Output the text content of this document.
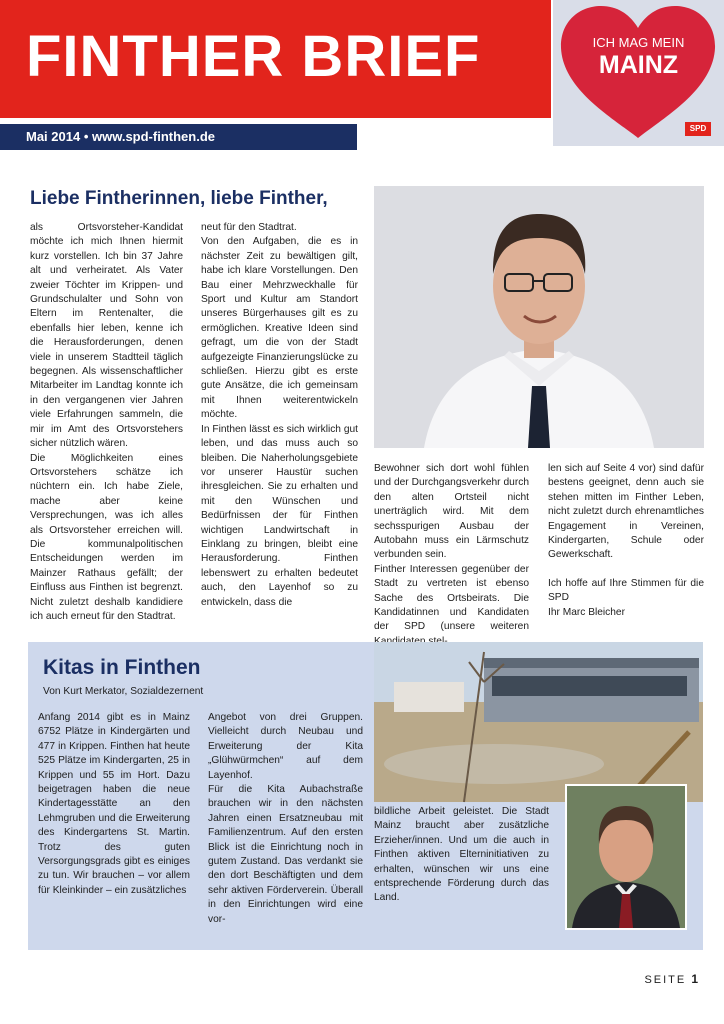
FINTHER BRIEF
Mai 2014 • www.spd-finthen.de
ICH MAG MEIN
MAINZ
SPD
Liebe Fintherinnen, liebe Finther,

als Ortsvorsteher-Kandidat möchte ich mich Ihnen hiermit kurz vorstellen. Ich bin 37 Jahre alt und verheiratet. Als Vater zweier Töchter im Krippen- und Grundschulalter und Sohn von Eltern im Rentenalter, die ebenfalls hier leben, kenne ich die Herausforderungen, denen viele in unserem Stadtteil täglich begegnen. Als wissenschaftlicher Mitarbeiter im Landtag konnte ich in den vergangenen vier Jahren viele Erfahrungen sammeln, die mir im Amt des Ortsvorstehers sicher nützlich wären.

Die Möglichkeiten eines Ortsvorstehers schätze ich nüchtern ein. Ich habe Ziele, mache aber keine Versprechungen, was ich alles als Ortsvorsteher erreichen will. Die kommunalpolitischen Entscheidungen werden im Mainzer Rathaus gefällt; der Einfluss aus Finthen ist begrenzt. Nicht zuletzt deshalb kandidiere ich auch erneut für den Stadtrat.

neut für den Stadtrat.

Von den Aufgaben, die es in nächster Zeit zu bewältigen gilt, habe ich klare Vorstellungen. Den Bau einer Mehrzweckhalle für Sport und Kultur am Standort unseres Bürgerhauses gilt es zu ermöglichen. Kreative Ideen sind gefragt, um die von der Stadt aufgezeigte Finanzierungslücke zu schließen. Hierzu gibt es erste gute Ansätze, die ich gemeinsam mit Ihnen weiterentwickeln möchte.

In Finthen lässt es sich wirklich gut leben, und das muss auch so bleiben. Die Naherholungsgebiete vor unserer Haustür suchen ihresgleichen. Sie zu erhalten und mit den Wünschen und Bedürfnissen der für Finthen wichtigen Landwirtschaft in Einklang zu bringen, bleibt eine Herausforderung. Finthen lebenswert zu erhalten bedeutet auch, den Layenhof so zu entwickeln, dass die

Bewohner sich dort wohl fühlen und der Durchgangsverkehr durch den alten Ortsteil nicht unerträglich wird. Mit dem sechsspurigen Ausbau der Autobahn muss ein Lärmschutz verbunden sein.

Finther Interessen gegenüber der Stadt zu vertreten ist ebenso Sache des Ortsbeirats. Die Kandidatinnen und Kandidaten der SPD (unsere weiteren

len sich auf Seite 4 vor) sind dafür bestens geeignet, denn auch sie stehen mitten im Finther Leben, nicht zuletzt durch ehrenamtliches Engagement in Vereinen, Kindergarten, Schule oder Gewerkschaft.

Ich hoffe auf Ihre Stimmen für die SPD

Ihr Marc Bleicher

Kitas in Finthen
Von Kurt Merkator, Sozialdezernent

Anfang 2014 gibt es in Mainz 6752 Plätze in Kindergärten und 477 in Krippen. Finthen hat heute 525 Plätze im Kindergarten, 25 in Krippen und 55 im Hort. Dazu beigetragen haben die neue Kindertagesstätte an den Lehmgruben und die Erweiterung des Kindergartens St. Martin. Trotz des guten Versorgungsgrads gibt es einiges zu tun. Wir brauchen – vor allem für Kleinkinder – ein zusätzliches

Angebot von drei Gruppen. Vielleicht durch Neubau und Erweiterung der Kita „Glühwürmchen“ auf dem Layenhof.

Für die Kita Aubachstraße brauchen wir in den nächsten Jahren einen Ersatzneubau mit Familienzentrum. Auf den ersten Blick ist die Einrichtung noch in gutem Zustand. Das verdankt sie den dort Beschäftigten und dem sehr aktiven Förderverein. Überall in den Einrichtungen wird eine vor-

bildliche Arbeit geleistet. Die Stadt Mainz braucht aber zusätzliche Erzieher/innen. Und um die auch in Finthen aktiven Elterninitiativen zu erhalten, wünschen wir uns eine entsprechende Förderung durch das Land.

SEITE 1
